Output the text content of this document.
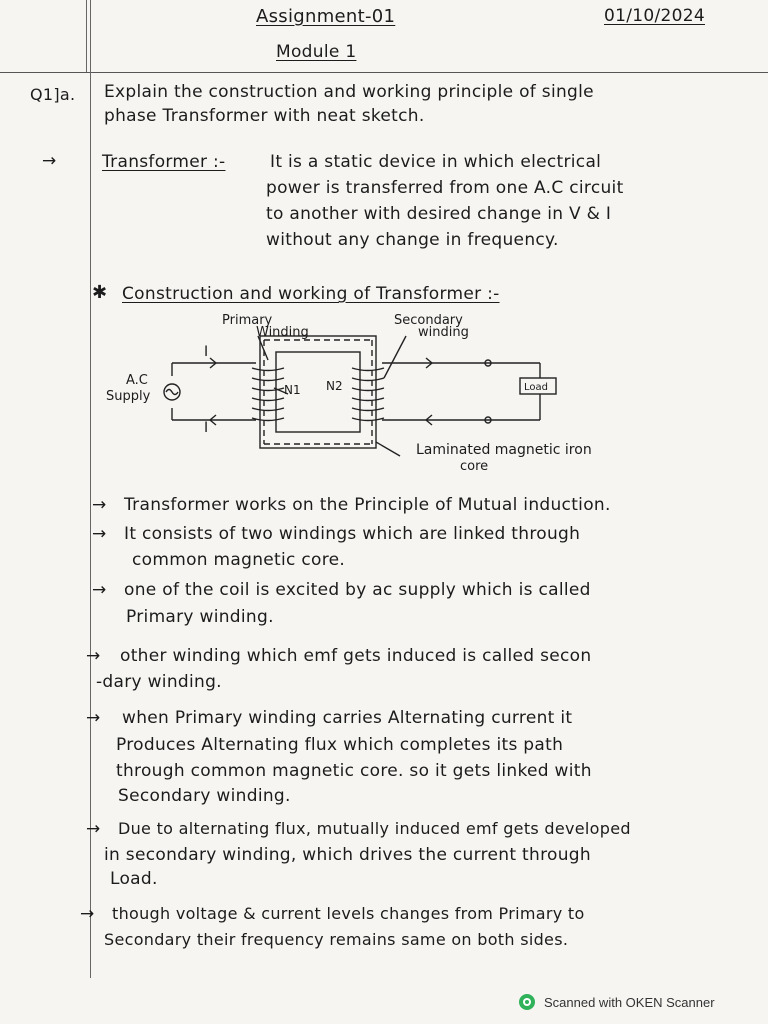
Assignment-01	01/10/2024
Module 1
Q1]a. Explain the construction and working principle of single
phase Transformer with neat sketch.
→	Transformer :-	It is a static device in which electrical
power is transferred from one A.C circuit
to another with desired change in V & I
without any change in frequency.
✱ Construction and working of Transformer :-
Primary
Winding
Secondary
winding
I
I
A.C
Supply	N1 N2	Load
Laminated magnetic iron
core
→ Transformer works on the Principle of Mutual induction.
→ It consists of two windings which are linked through
common magnetic core.
→ one of the coil is excited by ac supply which is called
Primary winding.
→ other winding which emf gets induced is called secon
-dary winding.
→ when Primary winding carries Alternating current it
Produces Alternating flux which completes its path
through common magnetic core. so it gets linked with
Secondary winding.
→ Due to alternating flux, mutually induced emf gets developed
in secondary winding, which drives the current through
Load.
→ though voltage & current levels changes from Primary to
Secondary their frequency remains same on both sides.
Scanned with OKEN Scanner
